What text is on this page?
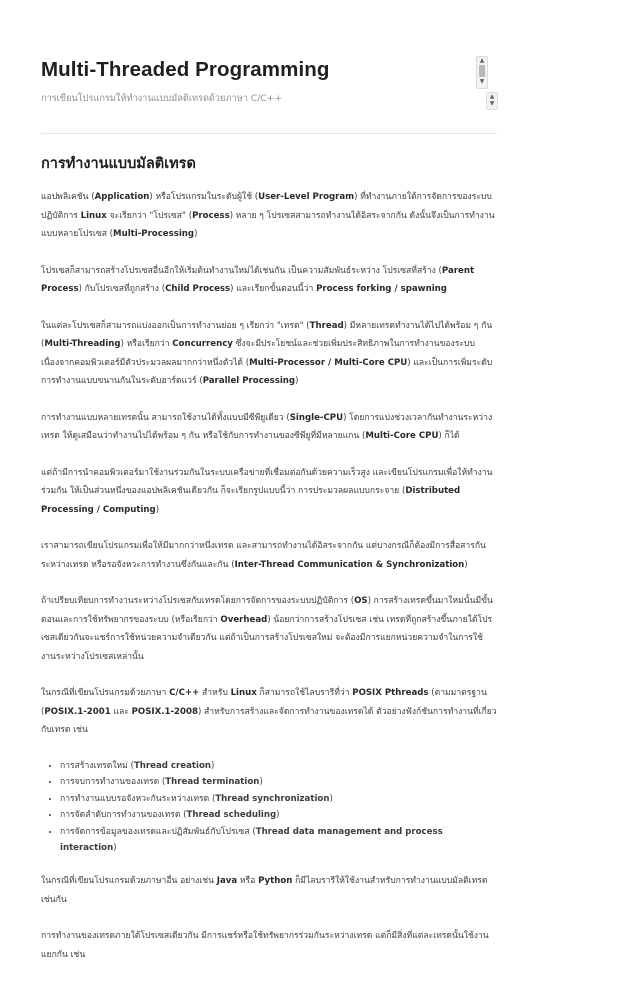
Multi-Threaded Programming
การเขียนโปรแกรมให้ทำงานแบบมัลติเทรดด้วยภาษา C/C++
▲
▼
▲
▼
การทำงานแบบมัลติเทรด

แอปพลิเคชัน (Application) หรือโปรแกรมในระดับผู้ใช้ (User-Level Program) ที่ทำงานภายใต้การจัดการของระบบปฏิบัติการ Linux จะเรียกว่า "โปรเซส" (Process) หลาย ๆ โปรเซสสามารถทำงานได้อิสระจากกัน ดังนั้นจึงเป็นการทำงานแบบหลายโปรเซส (Multi-Processing)

โปรเซสก็สามารถสร้างโปรเซสอื่นอีกให้เริ่มต้นทำงานใหม่ได้เช่นกัน เป็นความสัมพันธ์ระหว่าง โปรเซสที่สร้าง (Parent Process) กับโปรเซสที่ถูกสร้าง (Child Process) และเรียกขั้นตอนนี้ว่า Process forking / spawning

ในแต่ละโปรเซสก็สามารถแบ่งออกเป็นการทำงานย่อย ๆ เรียกว่า "เทรด" (Thread) มีหลายเทรดทำงานได้ไปได้พร้อม ๆ กัน (Multi-Threading) หรือเรียกว่า Concurrency ซึ่งจะมีประโยชน์และช่วยเพิ่มประสิทธิภาพในการทำงานของระบบเนื่องจากคอมพิวเตอร์มีตัวประมวลผลมากกว่าหนึ่งตัวได้ (Multi-Processor / Multi-Core CPU) และเป็นการเพิ่มระดับการทำงานแบบขนานกันในระดับฮาร์ดแวร์ (Parallel Processing)

การทำงานแบบหลายเทรดนั้น สามารถใช้งานได้ทั้งแบบมีซีพียูเดียว (Single-CPU) โดยการแบ่งช่วงเวลากันทำงานระหว่างเทรด ให้ดูเสมือนว่าทำงานไปได้พร้อม ๆ กัน หรือใช้กับการทำงานของซีพียูที่มีหลายแกน (Multi-Core CPU) ก็ได้

แต่ถ้ามีการนำคอมพิวเตอร์มาใช้งานร่วมกันในระบบเครือข่ายที่เชื่อมต่อกันด้วยความเร็วสูง และเขียนโปรแกรมเพื่อให้ทำงานร่วมกัน ให้เป็นส่วนหนึ่งของแอปพลิเคชันเดียวกัน ก็จะเรียกรูปแบบนี้ว่า การประมวลผลแบบกระจาย (Distributed Processing / Computing)

เราสามารถเขียนโปรแกรมเพื่อให้มีมากกว่าหนึ่งเทรด และสามารถทำงานได้อิสระจากกัน แต่บางกรณีก็ต้องมีการสื่อสารกันระหว่างเทรด หรือรอจังหวะการทำงานซึ่งกันและกัน (Inter-Thread Communication & Synchronization)

ถ้าเปรียบเทียบการทำงานระหว่างโปรเซสกับเทรดโดยการจัดการของระบบปฏิบัติการ (OS) การสร้างเทรดขึ้นมาใหม่นั้นมีขั้นตอนและการใช้ทรัพยากรของระบบ (หรือเรียกว่า Overhead) น้อยกว่าการสร้างโปรเซส เช่น เทรดที่ถูกสร้างขึ้นภายใต้โปรเซสเดียวกันจะแชร์การใช้หน่วยความจำเดียวกัน แต่ถ้าเป็นการสร้างโปรเซสใหม่ จะต้องมีการแยกหน่วยความจำในการใช้งานระหว่างโปรเซสเหล่านั้น

ในกรณีที่เขียนโปรแกรมด้วยภาษา C/C++ สำหรับ Linux ก็สามารถใช้ไลบรารีที่ว่า POSIX Pthreads (ตามมาตรฐาน (POSIX.1-2001 และ POSIX.1-2008) สำหรับการสร้างและจัดการทำงานของเทรดได้ ตัวอย่างฟังก์ชันการทำงานที่เกี่ยวกับเทรด เช่น

• การสร้างเทรดใหม่ (Thread creation)
• การจบการทำงานของเทรด (Thread termination)
• การทำงานแบบรอจังหวะกันระหว่างเทรด (Thread synchronization)
• การจัดลำดับการทำงานของเทรด (Thread scheduling)
• การจัดการข้อมูลของเทรดและปฏิสัมพันธ์กับโปรเซส (Thread data management and process interaction)

ในกรณีที่เขียนโปรแกรมด้วยภาษาอื่น อย่างเช่น Java หรือ Python ก็มีไลบรารีให้ใช้งานสำหรับการทำงานแบบมัลติเทรดเช่นกัน

การทำงานของเทรดภายใต้โปรเซสเดียวกัน มีการแชร์หรือใช้ทรัพยากรร่วมกันระหว่างเทรด แต่ก็มีสิ่งที่แต่ละเทรดนั้นใช้งานแยกกัน เช่น
